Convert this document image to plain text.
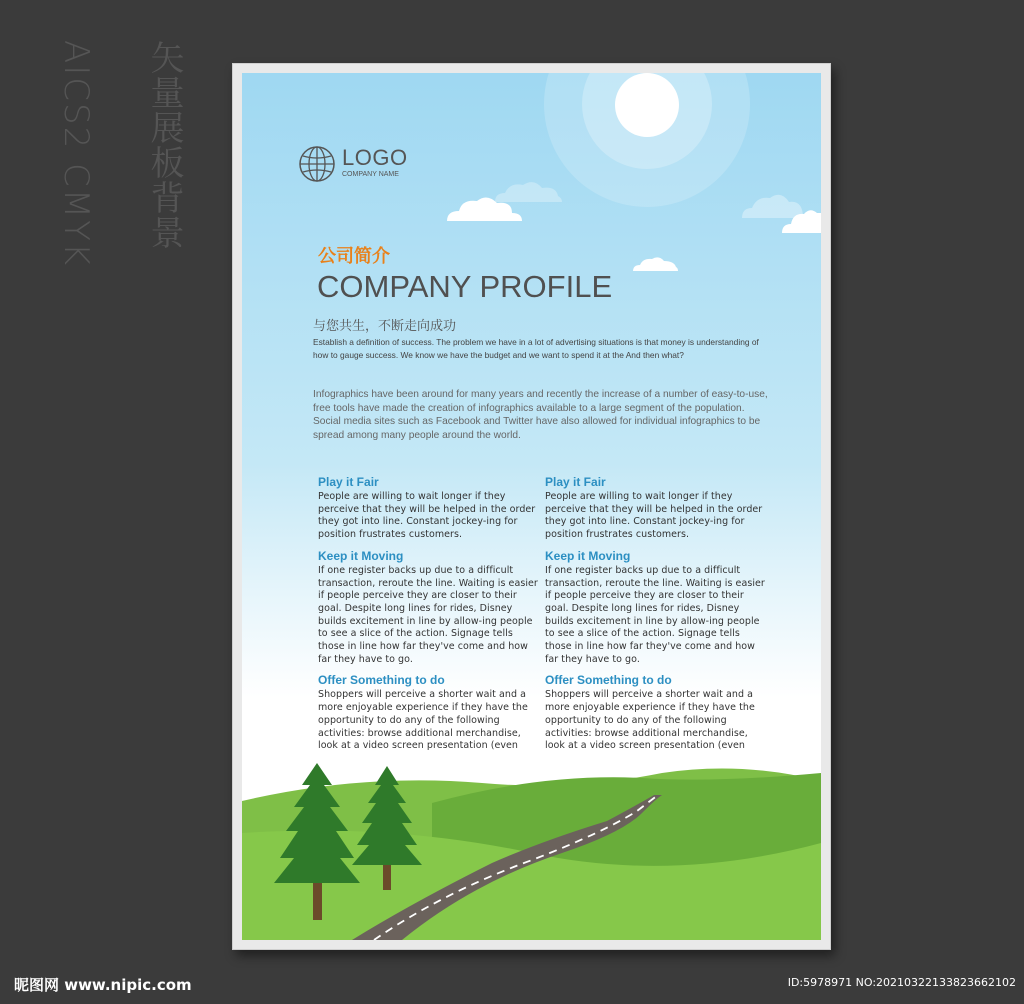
矢量展板背景
AICS2 CMYK	LOGO
COMPANY NAME
公司简介
COMPANY PROFILE
与您共生，不断走向成功
Establish a definition of success. The problem we have in a lot of advertising situations is that money is understanding of how to gauge success. We know we have the budget and we want to spend it at the And then what?
Infographics have been around for many years and recently the increase of a number of easy-to-use, free tools have made the creation of infographics available to a large segment of the population. Social media sites such as Facebook and Twitter have also allowed for individual infographics to be spread among many people around the world.
Play it Fair

People are willing to wait longer if they perceive that they will be helped in the order they got into line. Constant jockey-ing for position frustrates customers.

Keep it Moving

If one register backs up due to a difficult transaction, reroute the line. Waiting is easier if people perceive they are closer to their goal. Despite long lines for rides, Disney builds excitement in line by allow-ing people to see a slice of the action. Signage tells those in line how far they've come and how far they have to go.

Offer Something to do

Shoppers will perceive a shorter wait and a more enjoyable experience if they have the opportunity to do any of the following activities: browse additional merchandise, look at a video screen presentation (even

Play it Fair

People are willing to wait longer if they perceive that they will be helped in the order they got into line. Constant jockey-ing for position frustrates customers.

Keep it Moving

If one register backs up due to a difficult transaction, reroute the line. Waiting is easier if people perceive they are closer to their goal. Despite long lines for rides, Disney builds excitement in line by allow-ing people to see a slice of the action. Signage tells those in line how far they've come and how far they have to go.

Offer Something to do

Shoppers will perceive a shorter wait and a more enjoyable experience if they have the opportunity to do any of the following activities: browse additional merchandise, look at a video screen presentation (even

昵图网 www.nipic.com	ID:5978971 NO:20210322133823662102
